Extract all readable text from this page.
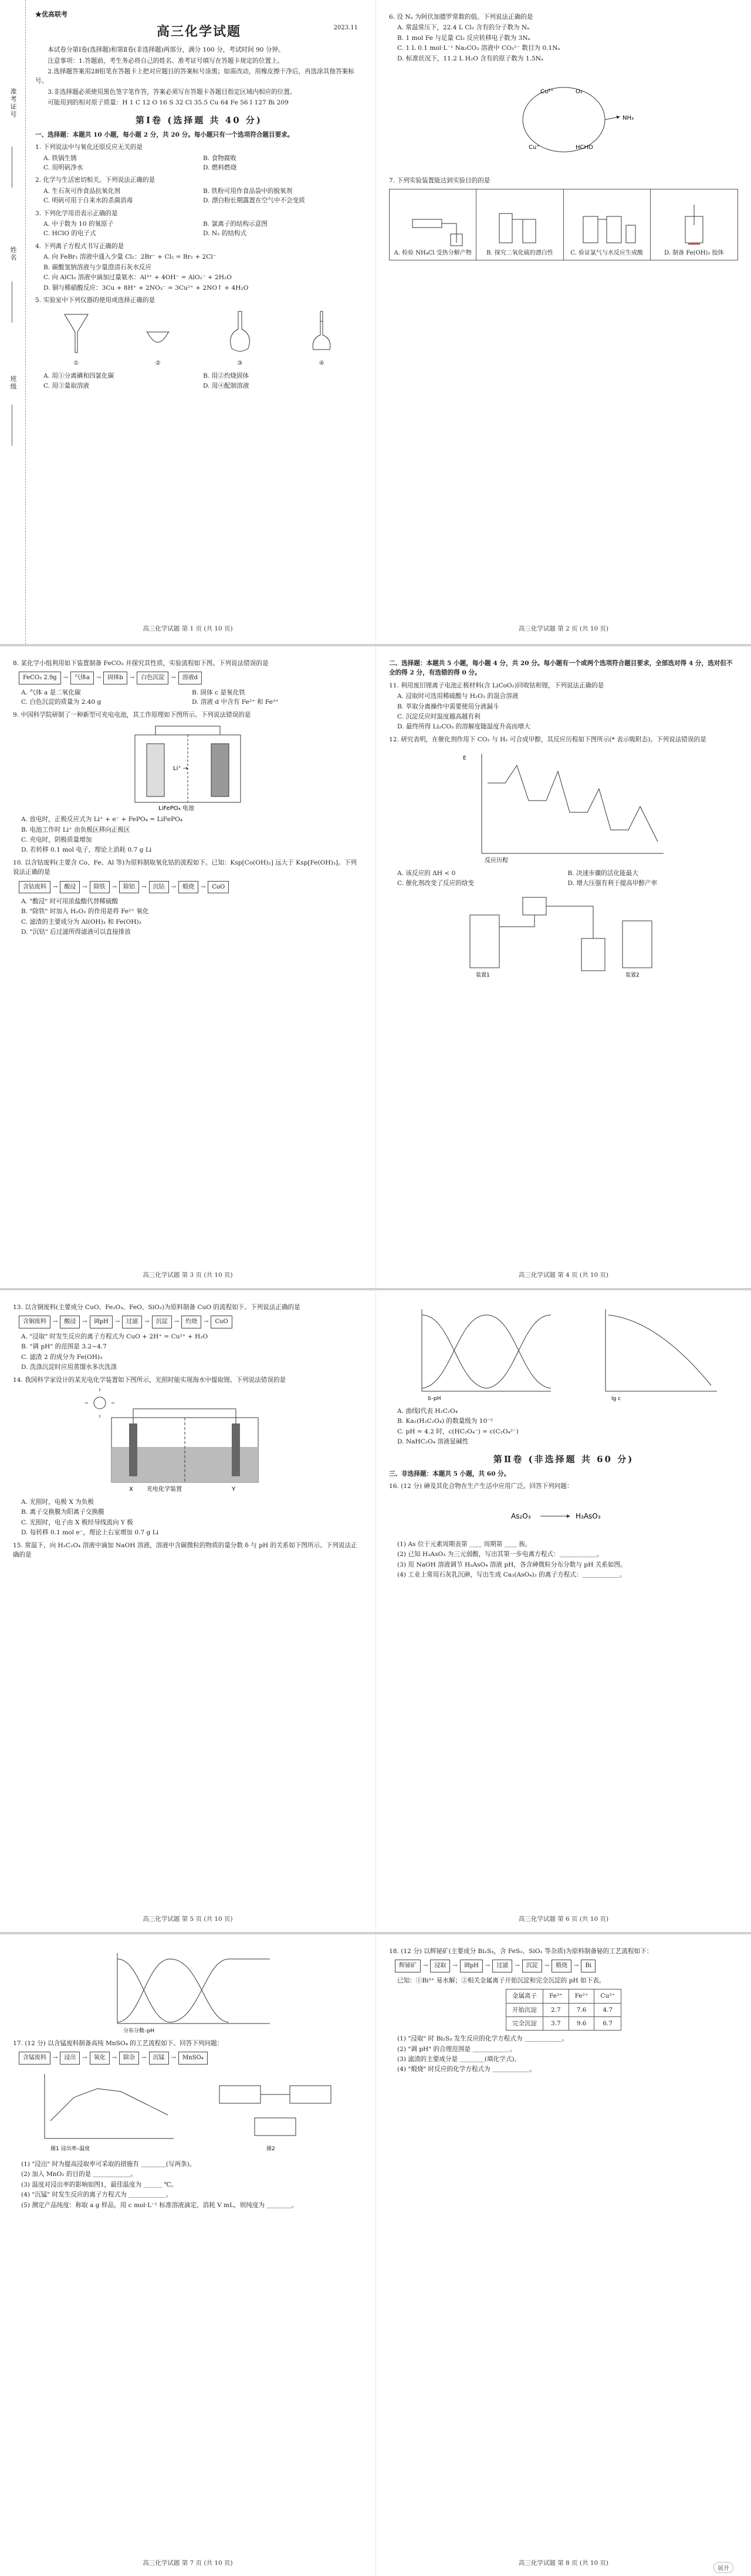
准考证号
姓名
班级
★优高联考
2023.11
高三化学试题
本试卷分第Ⅰ卷(选择题)和第Ⅱ卷(非选择题)两部分，满分 100 分，考试时间 90 分钟。
注意事项：1.答题前，考生务必将自己的姓名、准考证号填写在答题卡规定的位置上。
2.选择题答案用2B铅笔在答题卡上把对应题目的答案标号涂黑；如需改动，用橡皮擦干净后，再选涂其他答案标号。
3.非选择题必须使用黑色签字笔作答，答案必须写在答题卡各题目指定区域内相应的位置。
可能用到的相对原子质量：H 1 C 12 O 16 S 32 Cl 35.5 Cu 64 Fe 56 I 127 Bi 209
第Ⅰ卷 (选择题 共 40 分)
一、选择题：本题共 10 小题，每小题 2 分，共 20 分。每小题只有一个选项符合题目要求。
1. 下列说法中与氧化还原反应无关的是
A. 铁锅生锈	B. 食物腐败
C. 用明矾净水	D. 燃料燃烧
2. 化学与生活密切相关。下列说法正确的是
A. 生石灰可作食品抗氧化剂	B. 铁粉可用作食品袋中的脱氧剂
C. 明矾可用于自来水的杀菌消毒	D. 漂白粉长期露置在空气中不会变质
3. 下列化学用语表示正确的是
A. 中子数为 10 的氧原子	B. 氯离子的结构示意图
C. HClO 的电子式	D. N₂ 的结构式
4. 下列离子方程式书写正确的是
A. 向 FeBr₂ 溶液中通入少量 Cl₂：2Br⁻ + Cl₂ = Br₂ + 2Cl⁻
B. 碳酸氢钠溶液与少量澄清石灰水反应
C. 向 AlCl₃ 溶液中滴加过量氨水：Al³⁺ + 4OH⁻ = AlO₂⁻ + 2H₂O
D. 铜与稀硝酸反应：3Cu + 8H⁺ + 2NO₃⁻ = 3Cu²⁺ + 2NO↑ + 4H₂O
5. 实验室中下列仪器的使用或选择正确的是
①	②	③	④
A. 用①分离碘和四氯化碳	B. 用②灼烧固体
C. 用③量取溶液	D. 用④配制溶液
高三化学试题 第 1 页 (共 10 页)
6. 设 Nₐ 为阿伏加德罗常数的值。下列说法正确的是
A. 常温常压下，22.4 L Cl₂ 含有的分子数为 Nₐ
B. 1 mol Fe 与足量 Cl₂ 反应转移电子数为 3Nₐ
C. 1 L 0.1 mol·L⁻¹ Na₂CO₃ 溶液中 CO₃²⁻ 数目为 0.1Nₐ
D. 标准状况下，11.2 L H₂O 含有的原子数为 1.5Nₐ
Cu²⁺	O₂
Cu⁺	HCHO
NH₃
7. 下列实验装置能达到实验目的的是
A. 检验 NH₄Cl 受热分解产物	B. 探究二氧化硫的漂白性	C. 验证氯气与水反应生成酸	D. 制备 Fe(OH)₂ 胶体
高三化学试题 第 2 页 (共 10 页)
8. 某化学小组利用如下装置制备 FeCO₃ 并探究其性质，实验流程如下图。下列说法错误的是
FeCO₃ 2.9g	→	气体a	→	固体b	→	白色沉淀	→	溶液d
A. 气体 a 是二氧化碳	B. 固体 c 是氧化铁
C. 白色沉淀的质量为 2.40 g	D. 溶液 d 中含有 Fe²⁺ 和 Fe³⁺
9. 中国科学院研制了一种新型可充电电池，其工作原理如下图所示。下列说法错误的是
Li⁺ →
LiFePO₄ 电池
A. 放电时，正极反应式为 Li⁺ + e⁻ + FePO₄ = LiFePO₄
B. 电池工作时 Li⁺ 由负极区移向正极区
C. 充电时，阴极质量增加
D. 若转移 0.1 mol 电子，理论上消耗 0.7 g Li
10. 以含钴废料(主要含 Co、Fe、Al 等)为原料制取氧化钴的流程如下。已知：Ksp[Co(OH)₂] 远大于 Ksp[Fe(OH)₃]。下列说法正确的是
含钴废料	→	酸浸	→	除铁	→	除铝	→	沉钴	→	煅烧	→	CoO
A. "酸浸" 时可用浓盐酸代替稀硫酸
B. "除铁" 时加入 H₂O₂ 的作用是将 Fe²⁺ 氧化
C. 滤渣的主要成分为 Al(OH)₃ 和 Fe(OH)₃
D. "沉钴" 后过滤所得滤液可以直接排放
高三化学试题 第 3 页 (共 10 页)
二、选择题：本题共 5 小题，每小题 4 分，共 20 分。每小题有一个或两个选项符合题目要求，全部选对得 4 分，选对但不全的得 2 分，有选错的得 0 分。
11. 利用废旧锂离子电池正极材料(含 LiCoO₂)回收钴和锂，下列说法正确的是
A. 浸取时可选用稀硫酸与 H₂O₂ 的混合溶液
B. 萃取分离操作中需要使用分液漏斗
C. 沉淀反应时温度越高越有利
D. 最终所得 Li₂CO₃ 的溶解度随温度升高而增大
12. 研究表明，在催化剂作用下 CO₂ 与 H₂ 可合成甲醇，其反应历程如下图所示(* 表示吸附态)。下列说法错误的是
反应历程
E
A. 该反应的 ΔH < 0	B. 决速步骤的活化能最大
C. 催化剂改变了反应的焓变	D. 增大压强有利于提高甲醇产率
装置1	装置2
高三化学试题 第 4 页 (共 10 页)
13. 以含铜废料(主要成分 CuO、Fe₂O₃、FeO、SiO₂)为原料制备 CuO 的流程如下。下列说法正确的是
含铜废料	→	酸浸	→	调pH	→	过滤	→	沉淀	→	灼烧	→	CuO
A. "浸取" 时发生反应的离子方程式为 CuO + 2H⁺ = Cu²⁺ + H₂O
B. "调 pH" 的范围是 3.2~4.7
C. 滤渣 2 的成分为 Fe(OH)₃
D. 洗涤沉淀时应用蒸馏水多次洗涤
14. 我国科学家设计的某光电化学装置如下图所示，光照时能实现海水中提取锂。下列说法错误的是
X	Y
光电化学装置
A. 光照时，电极 X 为负极
B. 离子交换膜为阳离子交换膜
C. 光照时，电子由 X 极经导线流向 Y 极
D. 每转移 0.1 mol e⁻，理论上右室增加 0.7 g Li
15. 常温下，向 H₂C₂O₄ 溶液中滴加 NaOH 溶液，溶液中含碳微粒的物质的量分数 δ 与 pH 的关系如下图所示。下列说法正确的是
高三化学试题 第 5 页 (共 10 页)
δ–pH	lg c
A. 曲线Ⅰ代表 H₂C₂O₄
B. Ka₁(H₂C₂O₄) 的数量级为 10⁻²
C. pH = 4.2 时，c(HC₂O₄⁻) = c(C₂O₄²⁻)
D. NaHC₂O₄ 溶液显碱性
第Ⅱ卷 (非选择题 共 60 分)
三、非选择题：本题共 5 小题，共 60 分。
16. (12 分) 砷及其化合物在生产生活中应用广泛。回答下列问题：
As₂O₃	H₃AsO₃
(1) As 位于元素周期表第 ＿＿ 周期第 ＿＿ 族。
(2) 已知 H₃AsO₃ 为三元弱酸，写出其第一步电离方程式：＿＿＿＿＿＿。
(3) 用 NaOH 溶液调节 H₃AsO₄ 溶液 pH，各含砷微粒分布分数与 pH 关系如图。
(4) 工业上常用石灰乳沉砷，写出生成 Ca₃(AsO₄)₂ 的离子方程式：＿＿＿＿＿＿。
高三化学试题 第 6 页 (共 10 页)
分布分数–pH
17. (12 分) 以含锰废料制备高纯 MnSO₄ 的工艺流程如下。回答下列问题：
含锰废料	→	浸出	→	氧化	→	除杂	→	沉锰	→	MnSO₄
图1 浸出率–温度	图2
(1) "浸出" 时为提高浸取率可采取的措施有 ＿＿＿＿(写两条)。
(2) 加入 MnO₂ 的目的是 ＿＿＿＿＿＿。
(3) 温度对浸出率的影响如图1，最佳温度为 ＿＿＿ ℃。
(4) "沉锰" 时发生反应的离子方程式为 ＿＿＿＿＿＿。
(5) 测定产品纯度：称取 a g 样品，用 c mol·L⁻¹ 标准溶液滴定，消耗 V mL，则纯度为 ＿＿＿＿。
高三化学试题 第 7 页 (共 10 页)
18. (12 分) 以辉铋矿(主要成分 Bi₂S₃，含 FeS₂、SiO₂ 等杂质)为原料制备铋的工艺流程如下：
辉铋矿	→	浸取	→	调pH	→	过滤	→	沉淀	→	煅烧	→	Bi
已知：①Bi³⁺ 易水解；②相关金属离子开始沉淀和完全沉淀的 pH 如下表。
金属离子	Fe³⁺	Fe²⁺	Cu²⁺
开始沉淀	2.7	7.6	4.7
完全沉淀	3.7	9.6	6.7
(1) "浸取" 时 Bi₂S₃ 发生反应的化学方程式为 ＿＿＿＿＿＿。
(2) "调 pH" 的合理范围是 ＿＿＿＿＿＿。
(3) 滤渣的主要成分是 ＿＿＿＿(填化学式)。
(4) "煅烧" 时反应的化学方程式为 ＿＿＿＿＿＿。
高三化学试题 第 8 页 (共 10 页)
展开
